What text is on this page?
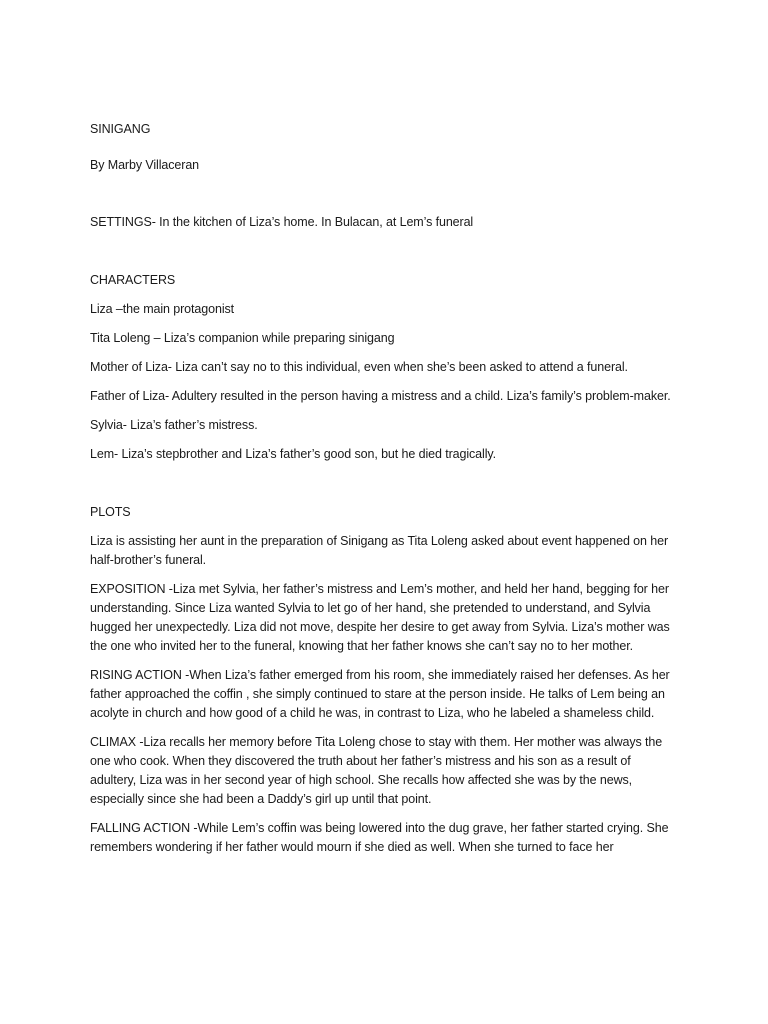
SINIGANG

By Marby Villaceran

SETTINGS- In the kitchen of Liza’s home. In Bulacan, at Lem’s funeral

CHARACTERS

Liza –the main protagonist

Tita Loleng – Liza’s companion while preparing sinigang

Mother of Liza- Liza can’t say no to this individual, even when she’s been asked to attend a funeral.

Father of Liza- Adultery resulted in the person having a mistress and a child. Liza’s family’s problem-maker.

Sylvia- Liza’s father’s mistress.

Lem- Liza’s stepbrother and Liza’s father’s good son, but he died tragically.

PLOTS

Liza is assisting her aunt in the preparation of Sinigang as Tita Loleng asked about event happened on her half-brother’s funeral.

EXPOSITION -Liza met Sylvia, her father’s mistress and Lem’s mother, and held her hand, begging for her understanding. Since Liza wanted Sylvia to let go of her hand, she pretended to understand, and Sylvia hugged her unexpectedly. Liza did not move, despite her desire to get away from Sylvia. Liza’s mother was the one who invited her to the funeral, knowing that her father knows she can’t say no to her mother.

RISING ACTION -When Liza’s father emerged from his room, she immediately raised her defenses. As her father approached the coffin , she simply continued to stare at the person inside. He talks of Lem being an acolyte in church and how good of a child he was, in contrast to Liza, who he labeled a shameless child.

CLIMAX -Liza recalls her memory before Tita Loleng chose to stay with them. Her mother was always the one who cook. When they discovered the truth about her father’s mistress and his son as a result of adultery, Liza was in her second year of high school. She recalls how affected she was by the news, especially since she had been a Daddy’s girl up until that point.

FALLING ACTION -While Lem’s coffin was being lowered into the dug grave, her father started crying. She remembers wondering if her father would mourn if she died as well. When she turned to face her
